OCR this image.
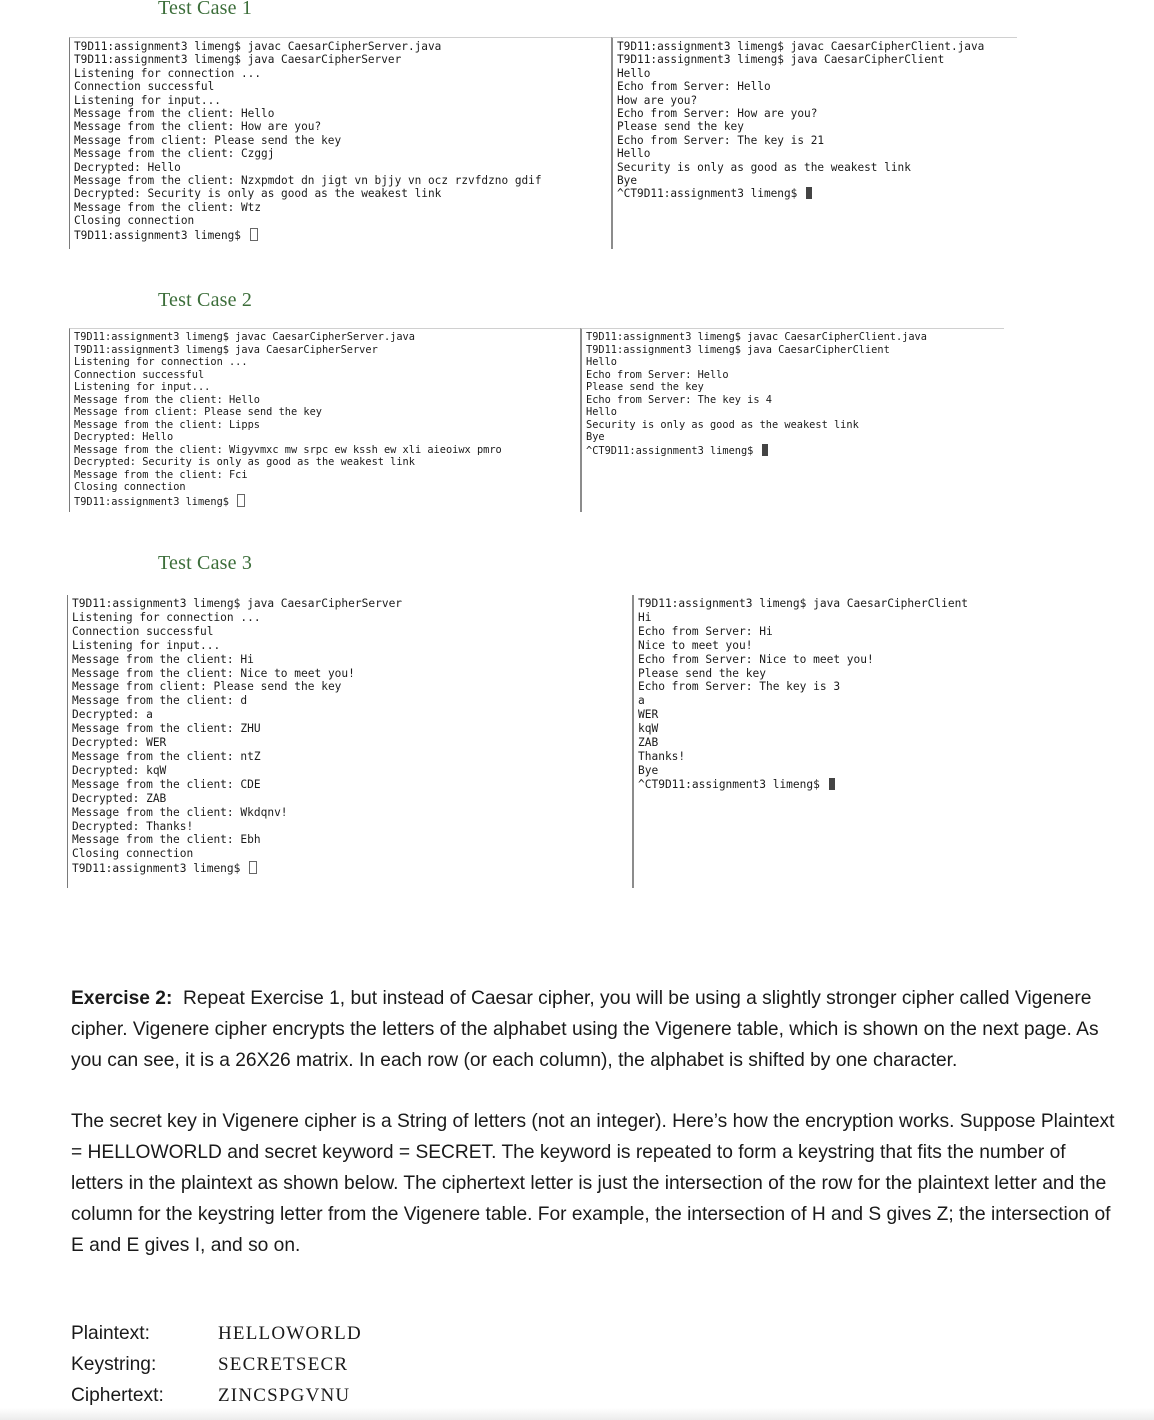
Test Case 1
T9D11:assignment3 limeng$ javac CaesarCipherServer.java
T9D11:assignment3 limeng$ java CaesarCipherServer
Listening for connection ...
Connection successful
Listening for input...
Message from the client: Hello
Message from the client: How are you?
Message from client: Please send the key
Message from the client: Czggj
Decrypted: Hello
Message from the client: Nzxpmdot dn jigt vn bjjy vn ocz rzvfdzno gdif
Decrypted: Security is only as good as the weakest link
Message from the client: Wtz
Closing connection
T9D11:assignment3 limeng$
T9D11:assignment3 limeng$ javac CaesarCipherClient.java
T9D11:assignment3 limeng$ java CaesarCipherClient
Hello
Echo from Server: Hello
How are you?
Echo from Server: How are you?
Please send the key
Echo from Server: The key is 21
Hello
Security is only as good as the weakest link
Bye
^CT9D11:assignment3 limeng$
Test Case 2
T9D11:assignment3 limeng$ javac CaesarCipherServer.java
T9D11:assignment3 limeng$ java CaesarCipherServer
Listening for connection ...
Connection successful
Listening for input...
Message from the client: Hello
Message from client: Please send the key
Message from the client: Lipps
Decrypted: Hello
Message from the client: Wigyvmxc mw srpc ew kssh ew xli aieoiwx pmro
Decrypted: Security is only as good as the weakest link
Message from the client: Fci
Closing connection
T9D11:assignment3 limeng$
T9D11:assignment3 limeng$ javac CaesarCipherClient.java
T9D11:assignment3 limeng$ java CaesarCipherClient
Hello
Echo from Server: Hello
Please send the key
Echo from Server: The key is 4
Hello
Security is only as good as the weakest link
Bye
^CT9D11:assignment3 limeng$
Test Case 3
T9D11:assignment3 limeng$ java CaesarCipherServer
Listening for connection ...
Connection successful
Listening for input...
Message from the client: Hi
Message from the client: Nice to meet you!
Message from client: Please send the key
Message from the client: d
Decrypted: a
Message from the client: ZHU
Decrypted: WER
Message from the client: ntZ
Decrypted: kqW
Message from the client: CDE
Decrypted: ZAB
Message from the client: Wkdqnv!
Decrypted: Thanks!
Message from the client: Ebh
Closing connection
T9D11:assignment3 limeng$
T9D11:assignment3 limeng$ java CaesarCipherClient
Hi
Echo from Server: Hi
Nice to meet you!
Echo from Server: Nice to meet you!
Please send the key
Echo from Server: The key is 3
a
WER
kqW
ZAB
Thanks!
Bye
^CT9D11:assignment3 limeng$

Exercise 2: Repeat Exercise 1, but instead of Caesar cipher, you will be using a slightly stronger cipher called Vigenere cipher. Vigenere cipher encrypts the letters of the alphabet using the Vigenere table, which is shown on the next page. As you can see, it is a 26X26 matrix. In each row (or each column), the alphabet is shifted by one character.

The secret key in Vigenere cipher is a String of letters (not an integer). Here’s how the encryption works. Suppose Plaintext = HELLOWORLD and secret keyword = SECRET. The keyword is repeated to form a keystring that fits the number of letters in the plaintext as shown below. The ciphertext letter is just the intersection of the row for the plaintext letter and the column for the keystring letter from the Vigenere table. For example, the intersection of H and S gives Z; the intersection of E and E gives I, and so on.

Plaintext:	HELLOWORLD
Keystring:	SECRETSECR
Ciphertext:	ZINCSPGVNU
